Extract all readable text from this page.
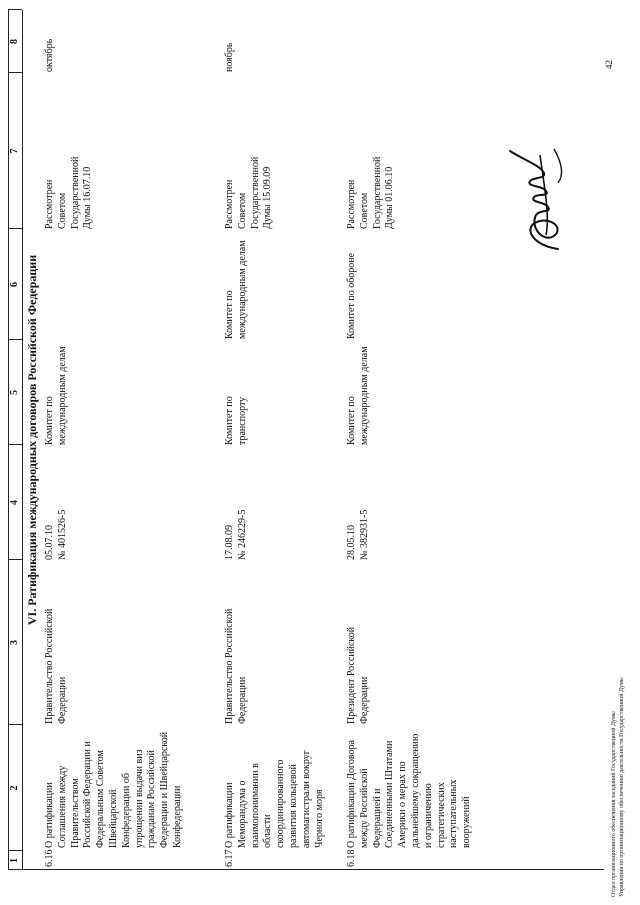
1
2
3
4
5
6
7
8
VI. Ратификация международных договоров Российской Федерации
6.16
О ратификации Соглашения между Правительством Российской Федерации и Федеральным Советом Швейцарской Конфедерации об упрощении выдачи виз гражданам Российской Федерации и Швейцарской Конфедерации
Правительство Российской Федерации
05.07.10 № 401526-5
Комитет по международным делам
Рассмотрен Советом Государственной Думы 16.07.10
октябрь
6.17
О ратификации Меморандума о взаимопонимании в области скоординированного развития кольцевой автомагистрали вокруг Черного моря
Правительство Российской Федерации
17.08.09 № 246229-5
Комитет по транспорту
Комитет по международным делам
Рассмотрен Советом Государственной Думы 15.09.09
ноябрь
6.18
О ратификации Договора между Российской Федерацией и Соединенными Штатами Америки о мерах по дальнейшему сокращению и ограничению стратегических наступательных вооружений
Президент Российской Федерации
28.05.10 № 382931-5
Комитет по международным делам
Комитет по обороне
Рассмотрен Советом Государственной Думы 01.06.10
Отдел организационного обеспечения заседаний Государственной Думы Управления по организационному обеспечению деятельности Государственной Думы
42
